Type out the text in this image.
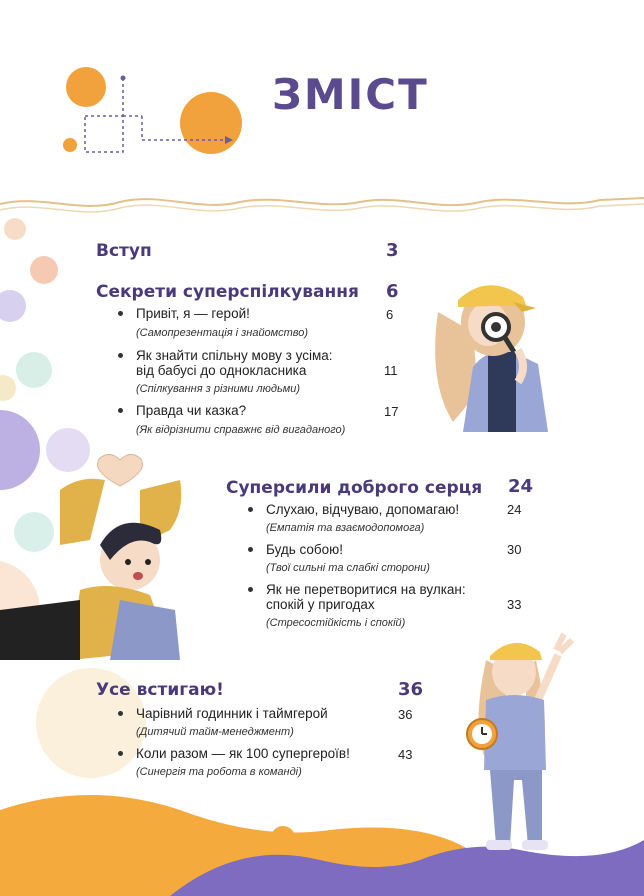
ЗМІСТ
Вступ	3
Секрети суперспілкування 6
Привіт, я — герой!
(Самопрезентація і знайомство)
6
Як знайти спільну мову з усіма:
від бабусі до однокласника
(Спілкування з різними людьми)
11
Правда чи казка?
(Як відрізнити справжнє від вигаданого)
17
Суперсили доброго серця 24
Слухаю, відчуваю, допомагаю!
(Емпатія та взаємодопомога)
24
Будь собою!
(Твої сильні та слабкі сторони)
30
Як не перетворитися на вулкан:
спокій у пригодах
(Стресостійкість і спокій)
33
Усе встигаю!	36
Чарівний годинник і таймгерой
(Дитячий тайм-менеджмент)
36
Коли разом — як 100 супергероїв!
(Синергія та робота в команді)
43
